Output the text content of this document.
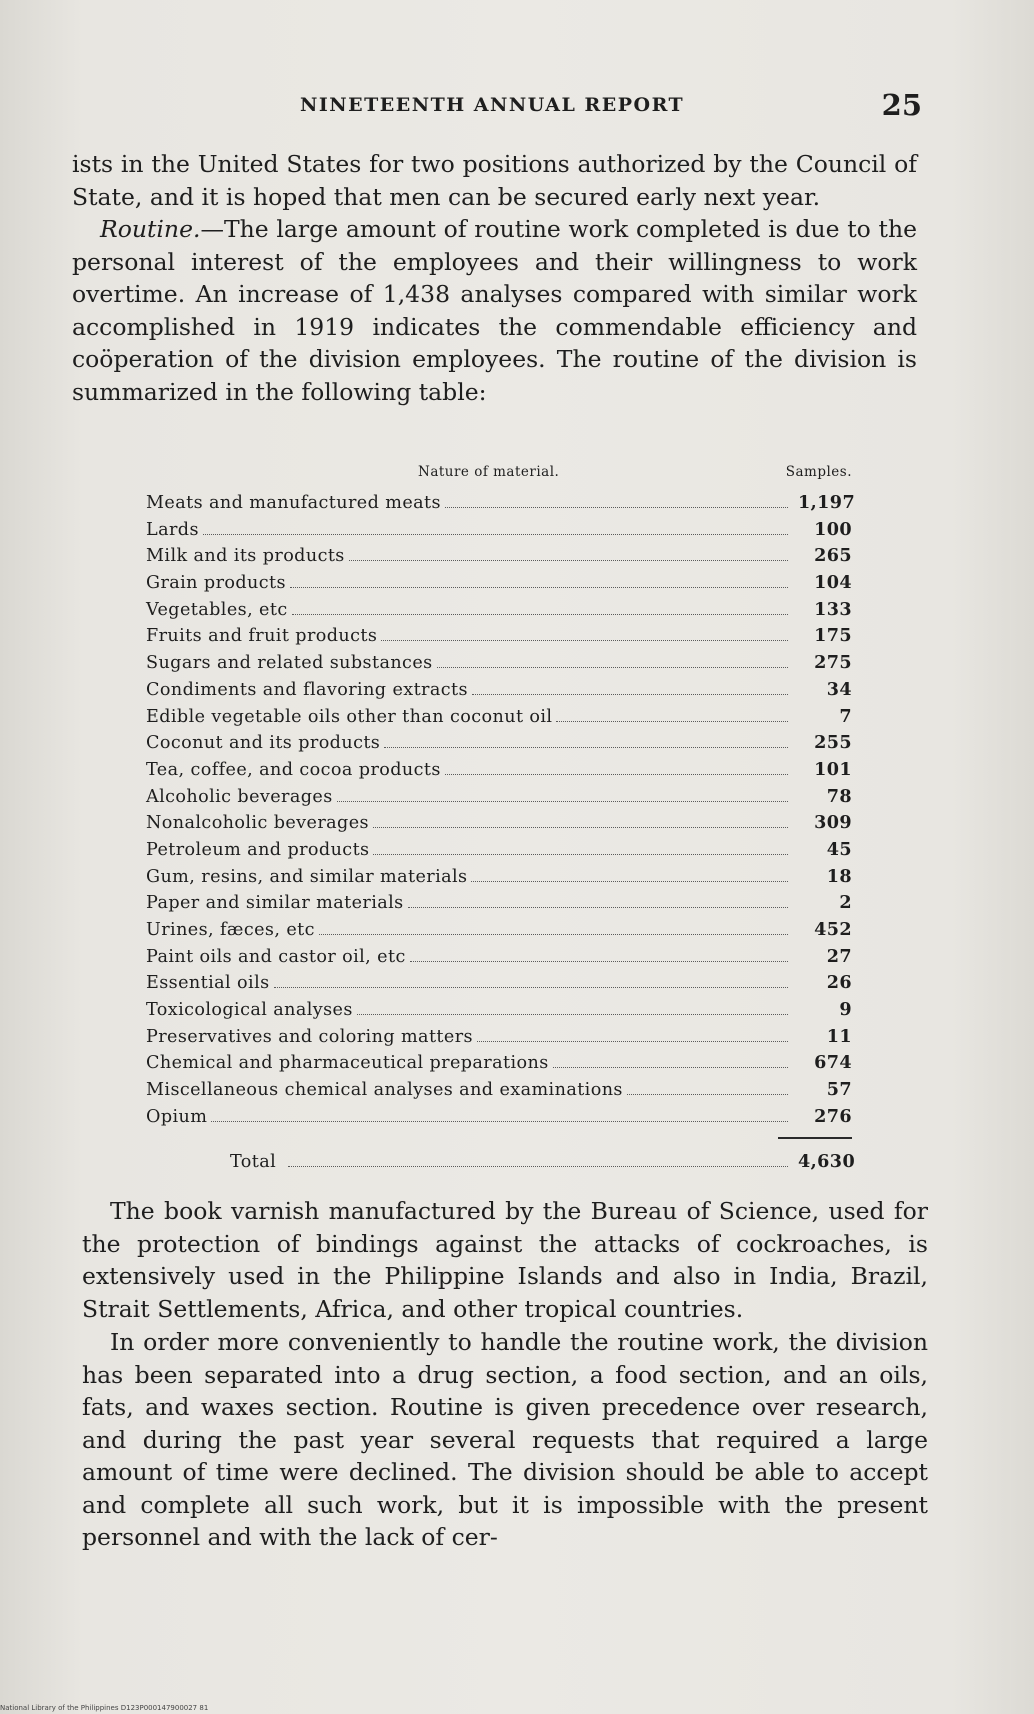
NINETEENTH ANNUAL REPORT	25
ists in the United States for two positions authorized by the Council of State, and it is hoped that men can be secured early next year.
Routine.—The large amount of routine work completed is due to the personal interest of the employees and their willingness to work overtime. An increase of 1,438 analyses compared with similar work accomplished in 1919 indicates the commendable efficiency and coöperation of the division employees. The routine of the division is summarized in the following table:
Nature of material.	Samples.
Meats and manufactured meats	1,197
Lards	100
Milk and its products	265
Grain products	104
Vegetables, etc	133
Fruits and fruit products	175
Sugars and related substances	275
Condiments and flavoring extracts	34
Edible vegetable oils other than coconut oil	7
Coconut and its products	255
Tea, coffee, and cocoa products	101
Alcoholic beverages	78
Nonalcoholic beverages	309
Petroleum and products	45
Gum, resins, and similar materials	18
Paper and similar materials	2
Urines, fæces, etc	452
Paint oils and castor oil, etc	27
Essential oils	26
Toxicological analyses	9
Preservatives and coloring matters	11
Chemical and pharmaceutical preparations	674
Miscellaneous chemical analyses and examinations	57
Opium	276
Total	4,630
The book varnish manufactured by the Bureau of Science, used for the protection of bindings against the attacks of cockroaches, is extensively used in the Philippine Islands and also in India, Brazil, Strait Settlements, Africa, and other tropical countries.
In order more conveniently to handle the routine work, the division has been separated into a drug section, a food section, and an oils, fats, and waxes section. Routine is given precedence over research, and during the past year several requests that required a large amount of time were declined. The division should be able to accept and complete all such work, but it is impossible with the present personnel and with the lack of cer-
National Library of the Philippines D123P000147900027 81
